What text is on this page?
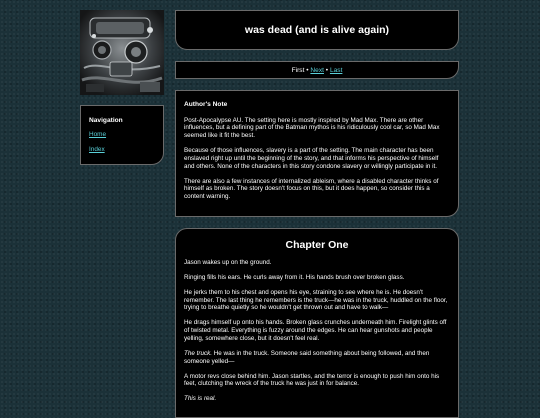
Navigation
Home
Index
was dead (and is alive again)
First • Next • Last
Author's Note

Post-Apocalypse AU. The setting here is mostly inspired by Mad Max. There are other influences, but a defining part of the Batman mythos is his ridiculously cool car, so Mad Max seemed like it fit the best.

Because of those influences, slavery is a part of the setting. The main character has been enslaved right up until the beginning of the story, and that informs his perspective of himself and others. None of the characters in this story condone slavery or willingly participate in it.

There are also a few instances of internalized ableism, where a disabled character thinks of himself as broken. The story doesn't focus on this, but it does happen, so consider this a content warning.

Chapter One

Jason wakes up on the ground.

Ringing fills his ears. He curls away from it. His hands brush over broken glass.

He jerks them to his chest and opens his eye, straining to see where he is. He doesn't remember. The last thing he remembers is the truck—he was in the truck, huddled on the floor, trying to breathe quietly so he wouldn't get thrown out and have to walk—

He drags himself up onto his hands. Broken glass crunches underneath him. Firelight glints off of twisted metal. Everything is fuzzy around the edges. He can hear gunshots and people yelling, somewhere close, but it doesn't feel real.

The truck. He was in the truck. Someone said something about being followed, and then someone yelled—

A motor revs close behind him. Jason startles, and the terror is enough to push him onto his feet, clutching the wreck of the truck he was just in for balance.

This is real.
